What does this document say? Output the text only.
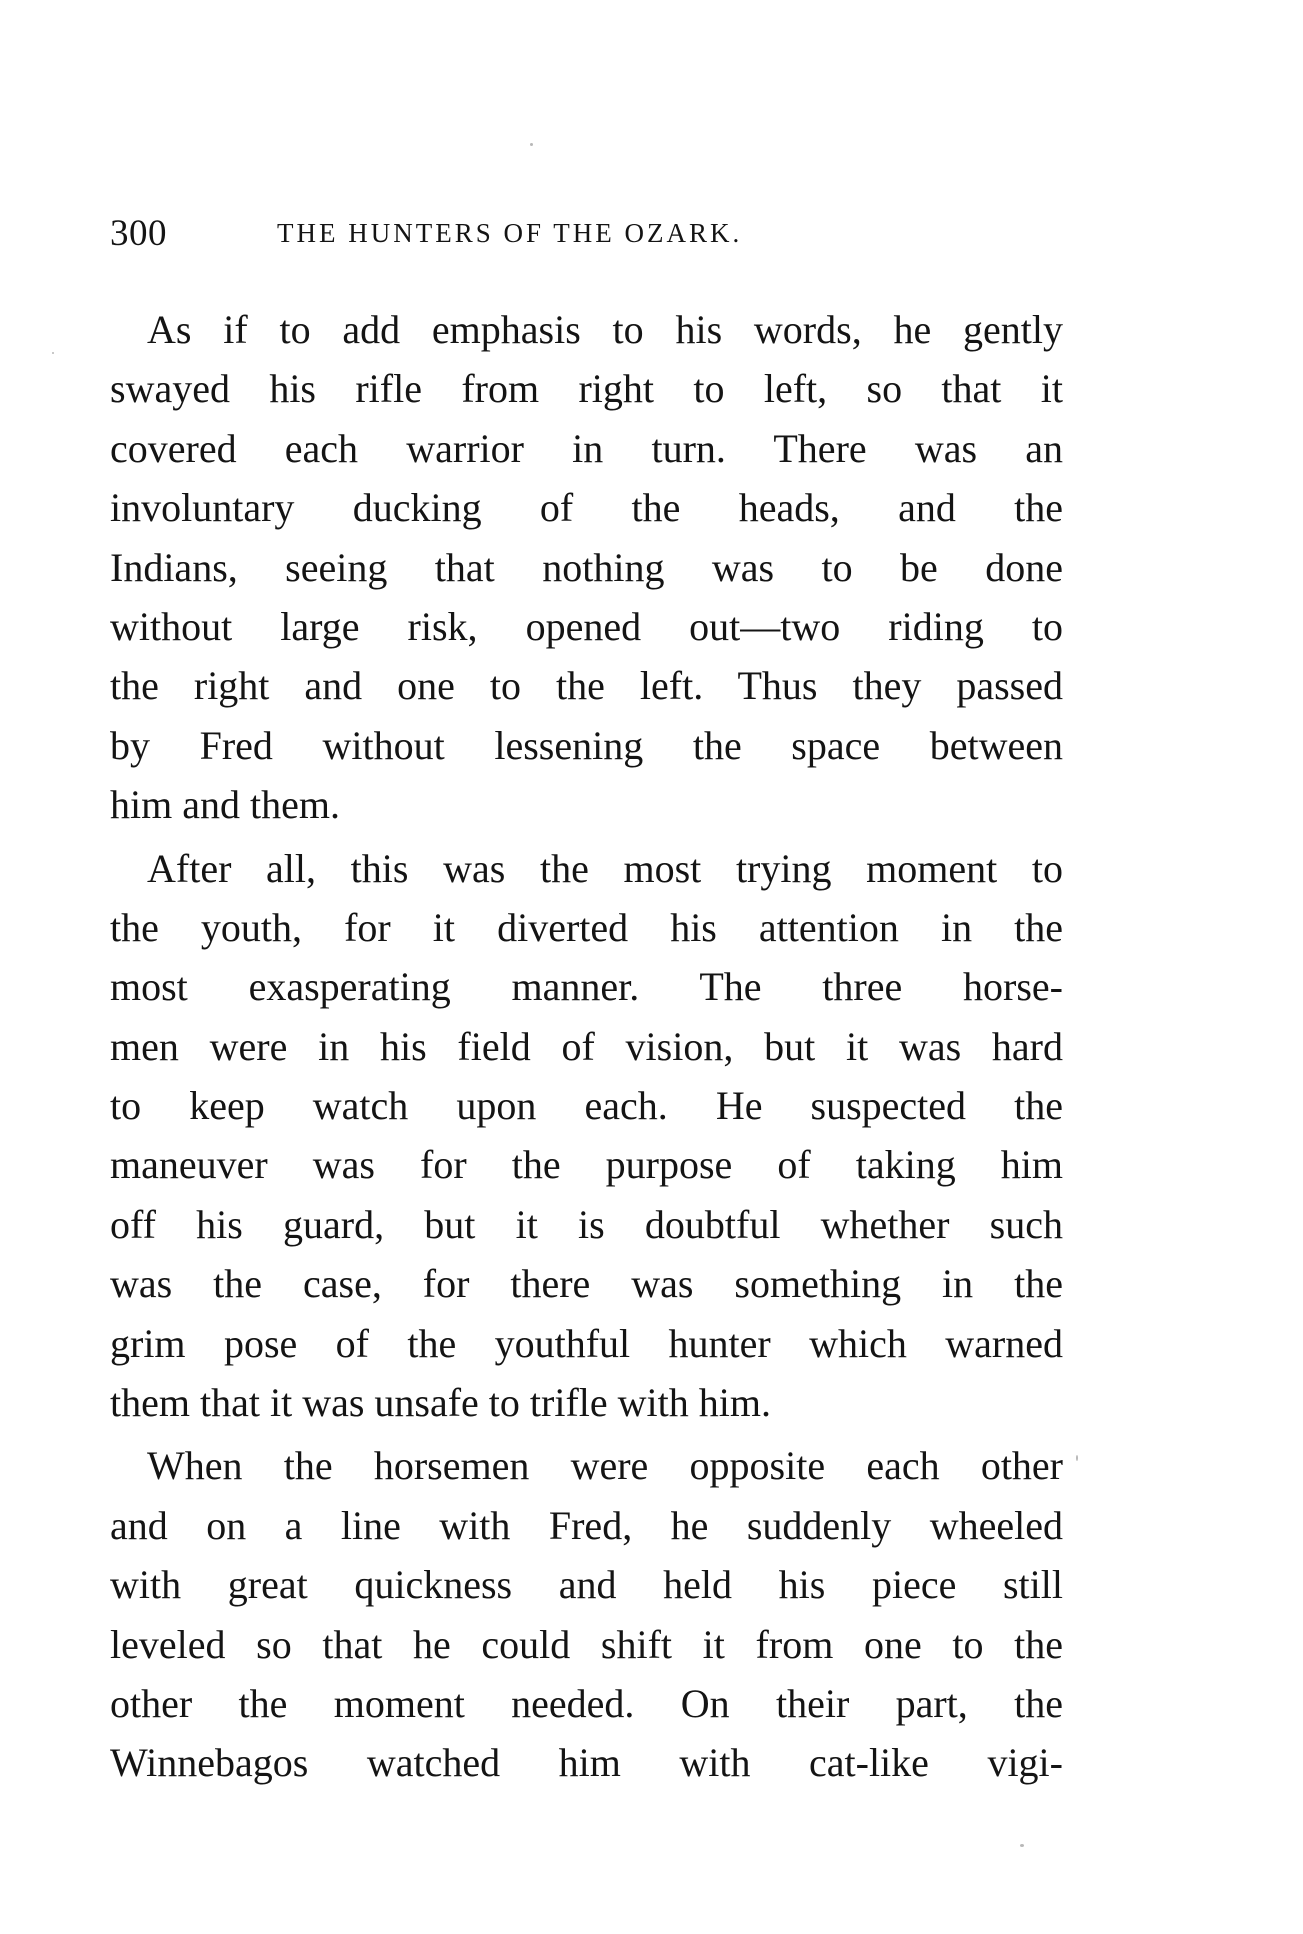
300	THE HUNTERS OF THE OZARK.
As if to add emphasis to his words, he gently
swayed his rifle from right to left, so that it
covered each warrior in turn. There was an
involuntary ducking of the heads, and the
Indians, seeing that nothing was to be done
without large risk, opened out—two riding to
the right and one to the left. Thus they passed
by Fred without lessening the space between
him and them.
After all, this was the most trying moment to
the youth, for it diverted his attention in the
most exasperating manner. The three horse-
men were in his field of vision, but it was hard
to keep watch upon each. He suspected the
maneuver was for the purpose of taking him
off his guard, but it is doubtful whether such
was the case, for there was something in the
grim pose of the youthful hunter which warned
them that it was unsafe to trifle with him.
When the horsemen were opposite each other
and on a line with Fred, he suddenly wheeled
with great quickness and held his piece still
leveled so that he could shift it from one to the
other the moment needed. On their part, the
Winnebagos watched him with cat-like vigi-
